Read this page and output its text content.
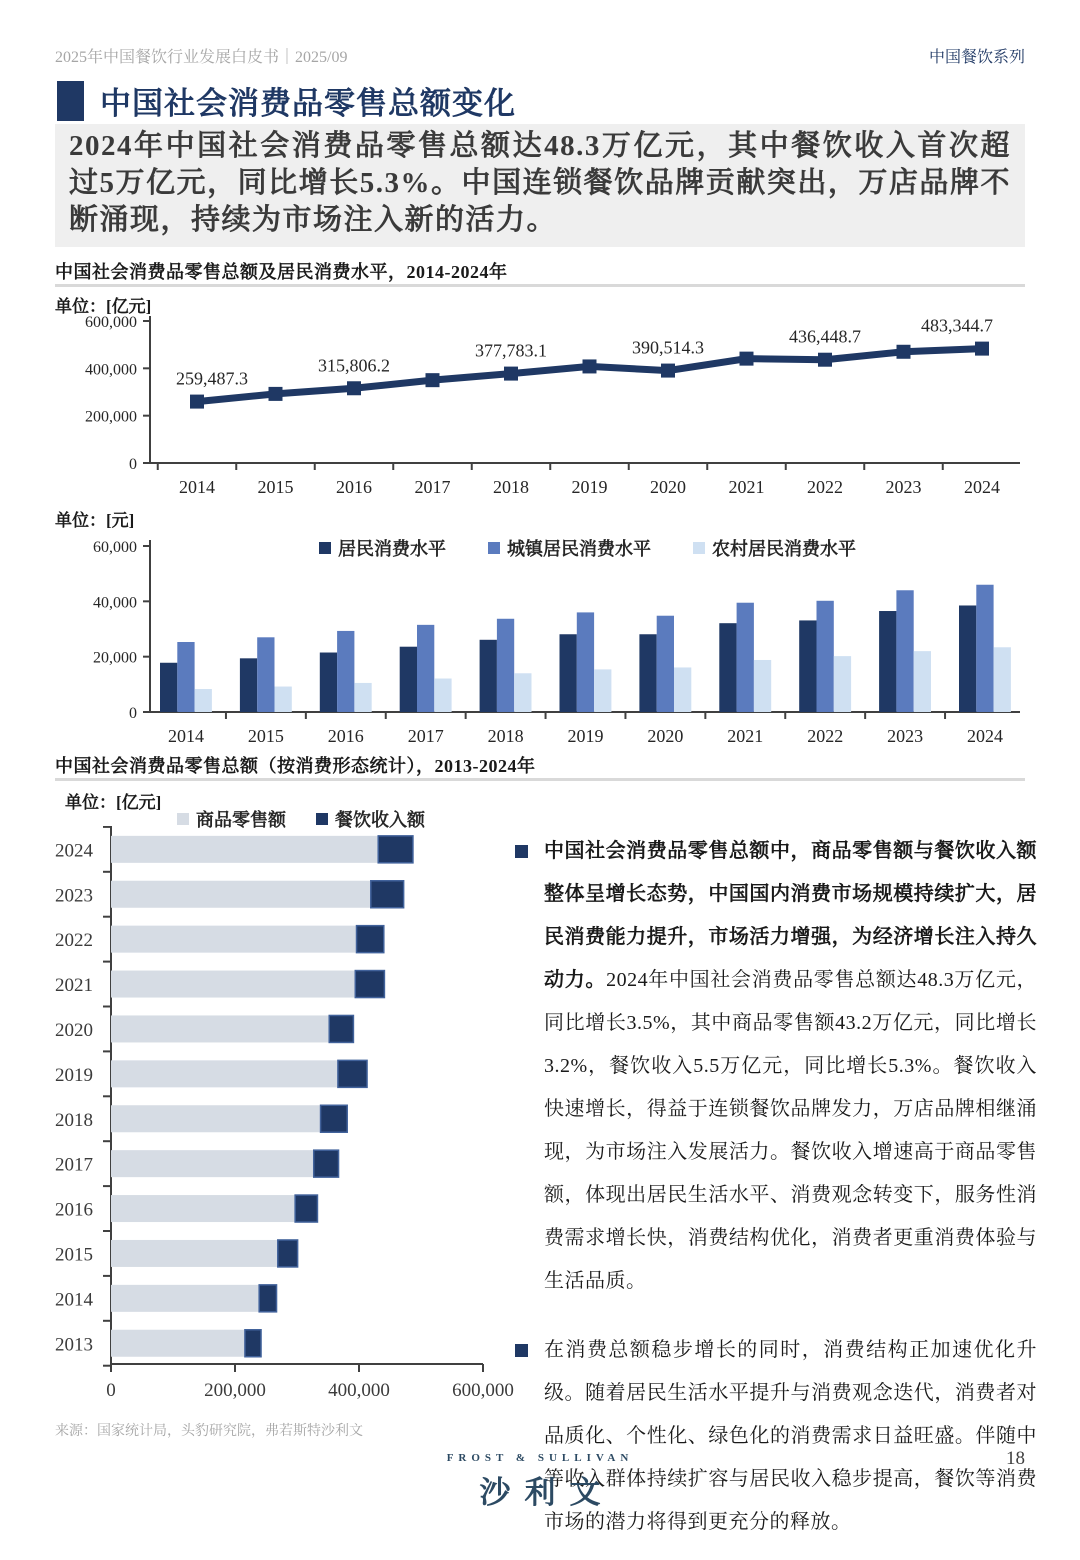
2025年中国餐饮行业发展白皮书｜2025/09	中国餐饮系列
中国社会消费品零售总额变化
2024年中国社会消费品零售总额达48.3万亿元，其中餐饮收入首次超过5万亿元，同比增长5.3%。中国连锁餐饮品牌贡献突出，万店品牌不断涌现，持续为市场注入新的活力。
中国社会消费品零售总额及居民消费水平，2014-2024年
单位：[亿元]
0
200,000
400,000
600,000
2014 2015 2016 2017 2018 2019 2020 2021 2022 2023 2024
259,487.3
315,806.2
377,783.1	390,514.3
436,448.7
483,344.7
单位：[元]
居民消费水平	城镇居民消费水平	农村居民消费水平
0
20,000
40,000
60,000
2014 2015 2016 2017 2018 2019 2020 2021 2022 2023 2024
中国社会消费品零售总额（按消费形态统计），2013-2024年
单位：[亿元]
商品零售额	餐饮收入额
0	200,000	400,000	600,000
2024
2023
2022
2021
2020
2019
2018
2017
2016
2015
2014
2013
中国社会消费品零售总额中，商品零售额与餐饮收入额整体呈增长态势，中国国内消费市场规模持续扩大，居民消费能力提升，市场活力增强，为经济增长注入持久动力。2024年中国社会消费品零售总额达48.3万亿元，同比增长3.5%，其中商品零售额43.2万亿元，同比增长3.2%，餐饮收入5.5万亿元，同比增长5.3%。餐饮收入快速增长，得益于连锁餐饮品牌发力，万店品牌相继涌现，为市场注入发展活力。餐饮收入增速高于商品零售额，体现出居民生活水平、消费观念转变下，服务性消费需求增长快，消费结构优化，消费者更重消费体验与生活品质。
在消费总额稳步增长的同时，消费结构正加速优化升级。随着居民生活水平提升与消费观念迭代，消费者对品质化、个性化、绿色化的消费需求日益旺盛。伴随中等收入群体持续扩容与居民收入稳步提高，餐饮等消费市场的潜力将得到更充分的释放。
来源：国家统计局，头豹研究院，弗若斯特沙利文
FROST & SULLIVAN
沙利文
18
